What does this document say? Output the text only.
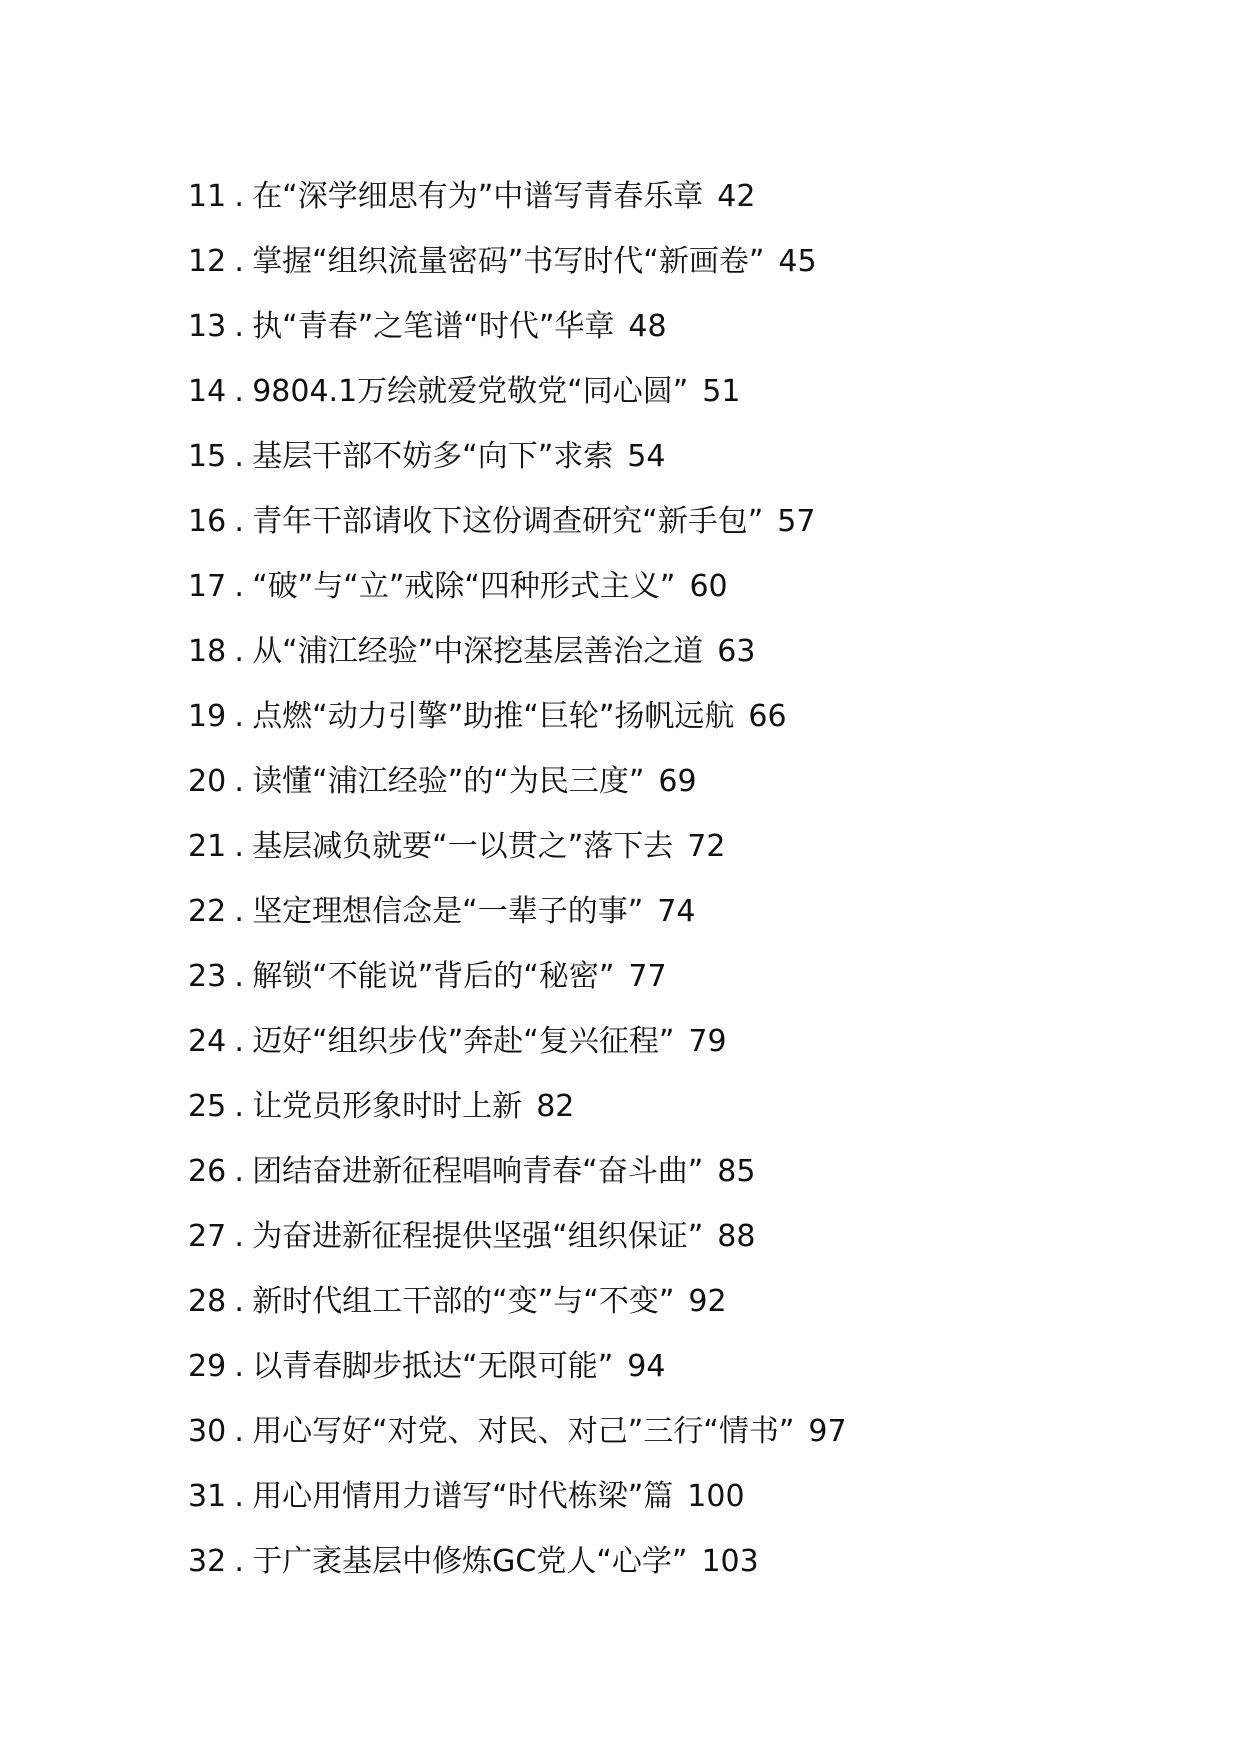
11 . 在“深学细思有为”中谱写青春乐章 42
12 . 掌握“组织流量密码”书写时代“新画卷” 45
13 . 执“青春”之笔谱“时代”华章 48
14 . 9804.1万绘就爱党敬党“同心圆” 51
15 . 基层干部不妨多“向下”求索 54
16 . 青年干部请收下这份调查研究“新手包” 57
17 . “破”与“立”戒除“四种形式主义” 60
18 . 从“浦江经验”中深挖基层善治之道 63
19 . 点燃“动力引擎”助推“巨轮”扬帆远航 66
20 . 读懂“浦江经验”的“为民三度” 69
21 . 基层减负就要“一以贯之”落下去 72
22 . 坚定理想信念是“一辈子的事” 74
23 . 解锁“不能说”背后的“秘密” 77
24 . 迈好“组织步伐”奔赴“复兴征程” 79
25 . 让党员形象时时上新 82
26 . 团结奋进新征程唱响青春“奋斗曲” 85
27 . 为奋进新征程提供坚强“组织保证” 88
28 . 新时代组工干部的“变”与“不变” 92
29 . 以青春脚步抵达“无限可能” 94
30 . 用心写好“对党、对民、对己”三行“情书” 97
31 . 用心用情用力谱写“时代栋梁”篇 100
32 . 于广袤基层中修炼GC党人“心学” 103
